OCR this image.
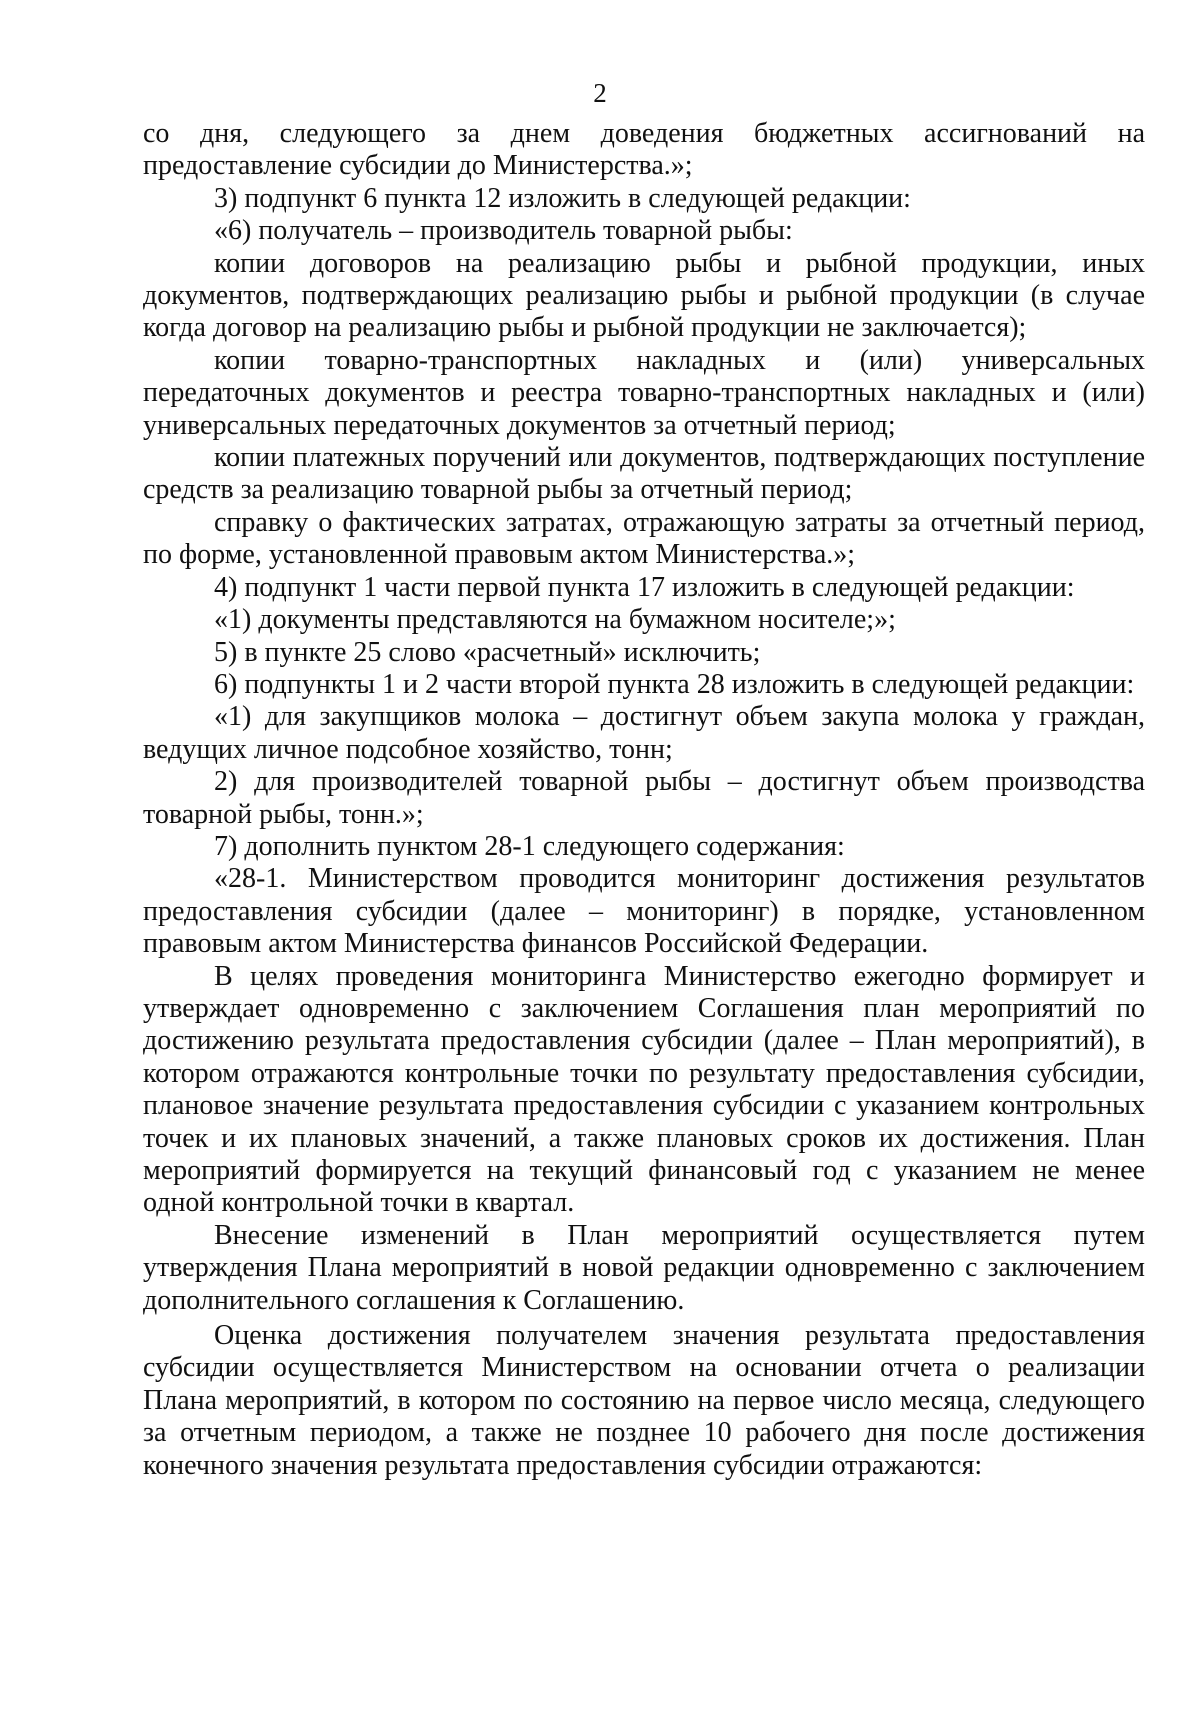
2

со дня, следующего за днем доведения бюджетных ассигнований на предоставление субсидии до Министерства.»;

3) подпункт 6 пункта 12 изложить в следующей редакции:

«6) получатель – производитель товарной рыбы:

копии договоров на реализацию рыбы и рыбной продукции, иных документов, подтверждающих реализацию рыбы и рыбной продукции (в случае когда договор на реализацию рыбы и рыбной продукции не заключается);

копии товарно-транспортных накладных и (или) универсальных передаточных документов и реестра товарно-транспортных накладных и (или) универсальных передаточных документов за отчетный период;

копии платежных поручений или документов, подтверждающих поступление средств за реализацию товарной рыбы за отчетный период;

справку о фактических затратах, отражающую затраты за отчетный период, по форме, установленной правовым актом Министерства.»;

4) подпункт 1 части первой пункта 17 изложить в следующей редакции:

«1) документы представляются на бумажном носителе;»;

5) в пункте 25 слово «расчетный» исключить;

6) подпункты 1 и 2 части второй пункта 28 изложить в следующей редакции:

«1) для закупщиков молока – достигнут объем закупа молока у граждан, ведущих личное подсобное хозяйство, тонн;

2) для производителей товарной рыбы – достигнут объем производства товарной рыбы, тонн.»;

7) дополнить пунктом 28-1 следующего содержания:

«28-1. Министерством проводится мониторинг достижения результатов предоставления субсидии (далее – мониторинг) в порядке, установленном правовым актом Министерства финансов Российской Федерации.

В целях проведения мониторинга Министерство ежегодно формирует и утверждает одновременно с заключением Соглашения план мероприятий по достижению результата предоставления субсидии (далее – План мероприятий), в котором отражаются контрольные точки по результату предоставления субсидии, плановое значение результата предоставления субсидии с указанием контрольных точек и их плановых значений, а также плановых сроков их достижения. План мероприятий формируется на текущий финансовый год с указанием не менее одной контрольной точки в квартал.

Внесение изменений в План мероприятий осуществляется путем утверждения Плана мероприятий в новой редакции одновременно с заключением дополнительного соглашения к Соглашению.

Оценка достижения получателем значения результата предоставления субсидии осуществляется Министерством на основании отчета о реализации Плана мероприятий, в котором по состоянию на первое число месяца, следующего за отчетным периодом, а также не позднее 10 рабочего дня после достижения конечного значения результата предоставления субсидии отражаются:
